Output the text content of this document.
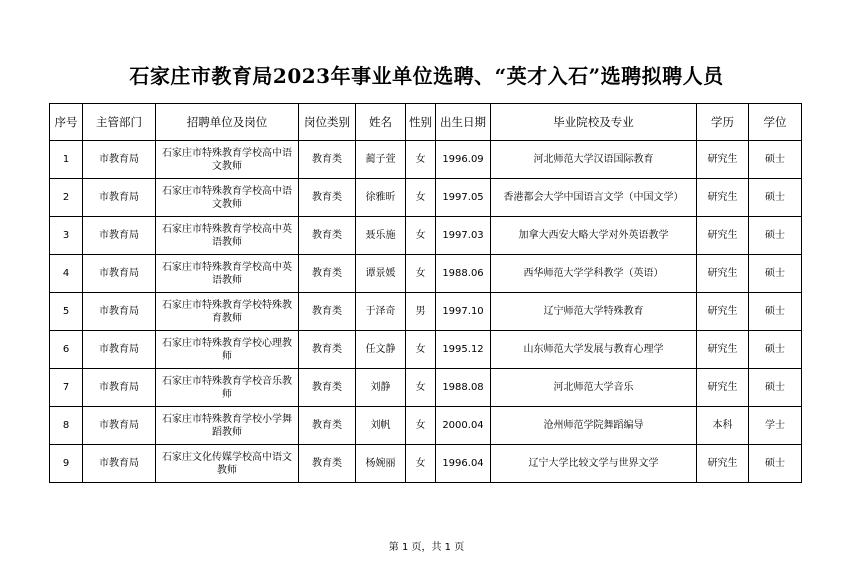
石家庄市教育局2023年事业单位选聘、“英才入石”选聘拟聘人员
序号	主管部门	招聘单位及岗位	岗位类别	姓名	性别	出生日期	毕业院校及专业	学历	学位
1	市教育局	石家庄市特殊教育学校高中语文教师	教育类	蔺子萱	女	1996.09	河北师范大学汉语国际教育	研究生	硕士
2	市教育局	石家庄市特殊教育学校高中语文教师	教育类	徐雅昕	女	1997.05	香港都会大学中国语言文学（中国文学）	研究生	硕士
3	市教育局	石家庄市特殊教育学校高中英语教师	教育类	聂乐施	女	1997.03	加拿大西安大略大学对外英语教学	研究生	硕士
4	市教育局	石家庄市特殊教育学校高中英语教师	教育类	谭景媛	女	1988.06	西华师范大学学科教学（英语）	研究生	硕士
5	市教育局	石家庄市特殊教育学校特殊教育教师	教育类	于泽奇	男	1997.10	辽宁师范大学特殊教育	研究生	硕士
6	市教育局	石家庄市特殊教育学校心理教师	教育类	任文静	女	1995.12	山东师范大学发展与教育心理学	研究生	硕士
7	市教育局	石家庄市特殊教育学校音乐教师	教育类	刘静	女	1988.08	河北师范大学音乐	研究生	硕士
8	市教育局	石家庄市特殊教育学校小学舞蹈教师	教育类	刘帆	女	2000.04	沧州师范学院舞蹈编导	本科	学士
9	市教育局	石家庄文化传媒学校高中语文教师	教育类	杨婉丽	女	1996.04	辽宁大学比较文学与世界文学	研究生	硕士
第 1 页，共 1 页
